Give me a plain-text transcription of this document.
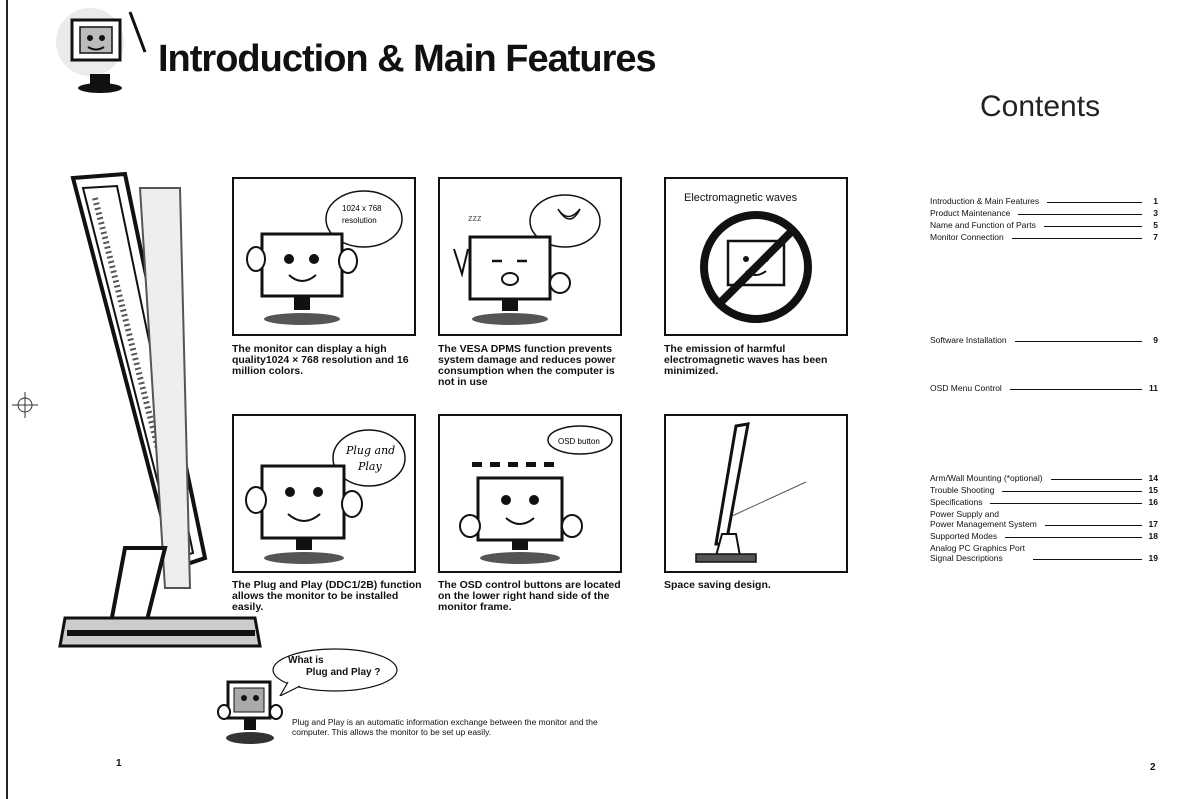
Introduction & Main Features
1024 x 768
resolution
The monitor can display a high quality1024 × 768 resolution and 16 million colors.
zzz
The VESA DPMS function prevents system damage and reduces power consumption when the computer is not in use
Electromagnetic waves
The emission of harmful electromagnetic waves has been minimized.
Plug and
Play
The Plug and Play (DDC1/2B) function allows the monitor to be installed easily.
OSD button
The OSD control buttons are located on the lower right hand side of the monitor frame.
Space saving design.
What is
Plug and Play ?
Plug and Play is an automatic information exchange between the monitor and the computer. This allows the monitor to be set up easily.
Contents
Introduction & Main Features	1
Product Maintenance	3
Name and Function of Parts	5
Monitor Connection	7
Software Installation	9
OSD Menu Control	11
Arm/Wall Mounting (*optional)	14
Trouble Shooting	15
Specifications	16
Power Supply and
Power Management System	17
Supported Modes	18
Analog PC Graphics Port
Signal Descriptions	19
1	2
